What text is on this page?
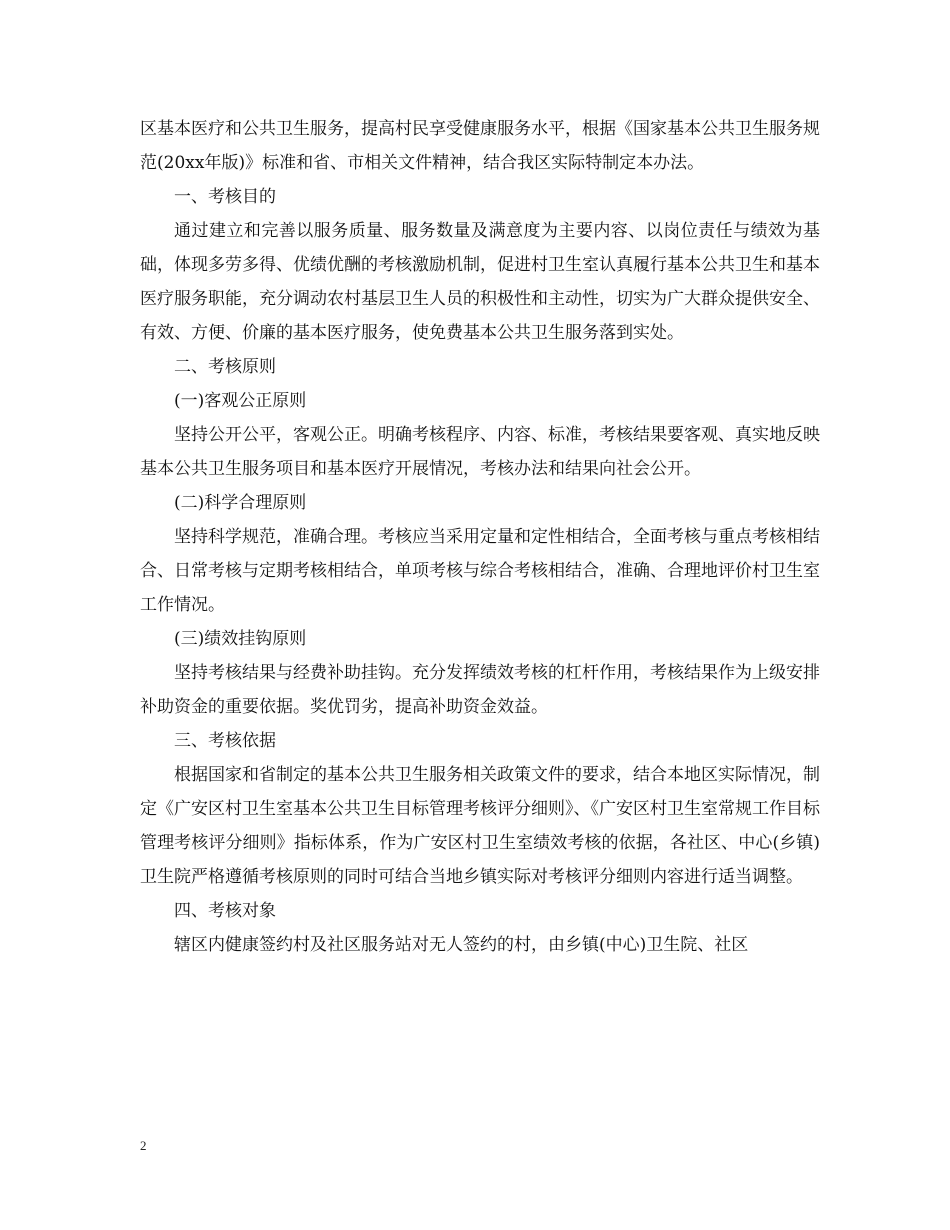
区基本医疗和公共卫生服务，提高村民享受健康服务水平，根据《国家基本公共卫生服务规范(20xx年版)》标准和省、市相关文件精神，结合我区实际特制定本办法。

一、考核目的

通过建立和完善以服务质量、服务数量及满意度为主要内容、以岗位责任与绩效为基础，体现多劳多得、优绩优酬的考核激励机制，促进村卫生室认真履行基本公共卫生和基本医疗服务职能，充分调动农村基层卫生人员的积极性和主动性，切实为广大群众提供安全、有效、方便、价廉的基本医疗服务，使免费基本公共卫生服务落到实处。

二、考核原则

(一)客观公正原则

坚持公开公平，客观公正。明确考核程序、内容、标准，考核结果要客观、真实地反映基本公共卫生服务项目和基本医疗开展情况，考核办法和结果向社会公开。

(二)科学合理原则

坚持科学规范，准确合理。考核应当采用定量和定性相结合，全面考核与重点考核相结合、日常考核与定期考核相结合，单项考核与综合考核相结合，准确、合理地评价村卫生室工作情况。

(三)绩效挂钩原则

坚持考核结果与经费补助挂钩。充分发挥绩效考核的杠杆作用，考核结果作为上级安排补助资金的重要依据。奖优罚劣，提高补助资金效益。

三、考核依据

根据国家和省制定的基本公共卫生服务相关政策文件的要求，结合本地区实际情况，制定《广安区村卫生室基本公共卫生目标管理考核评分细则》、《广安区村卫生室常规工作目标管理考核评分细则》指标体系，作为广安区村卫生室绩效考核的依据，各社区、中心(乡镇)卫生院严格遵循考核原则的同时可结合当地乡镇实际对考核评分细则内容进行适当调整。

四、考核对象

辖区内健康签约村及社区服务站对无人签约的村，由乡镇(中心)卫生院、社区

2
